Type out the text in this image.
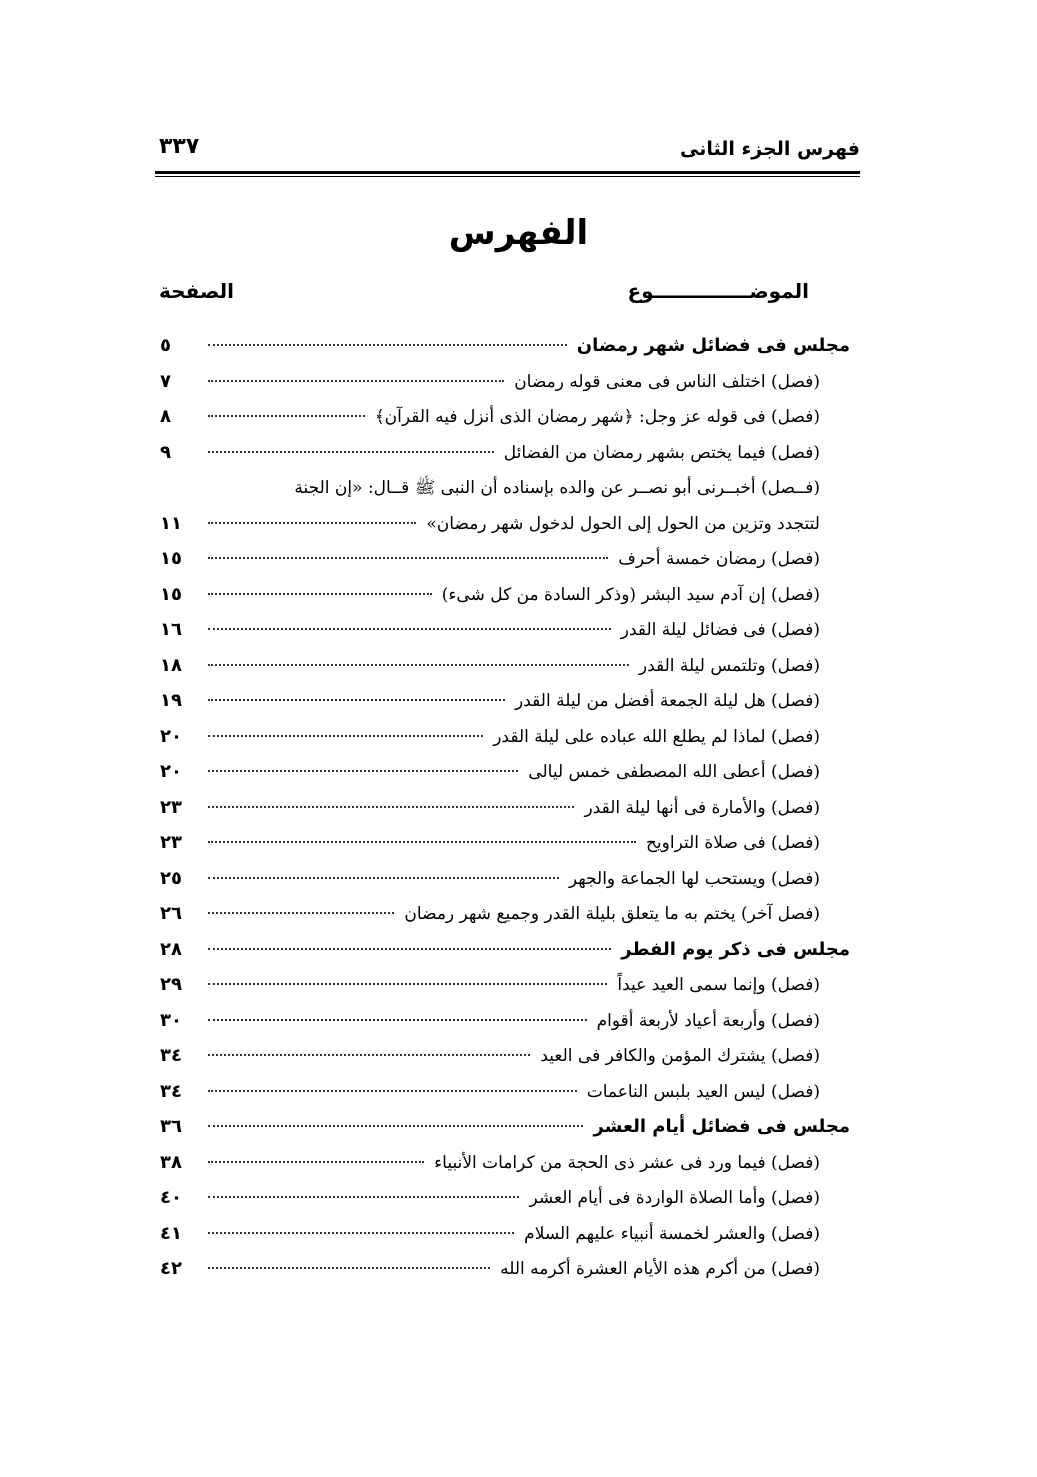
فهرس الجزء الثانى
٣٣٧
الفهرس
الموضــــــــــــــوع
الصفحة
مجلس فى فضائل شهر رمضان
٥
(فصل) اختلف الناس فى معنى قوله رمضان
٧
(فصل) فى قوله عز وجل: ﴿شهر رمضان الذى أنزل فيه القرآن﴾
٨
(فصل) فيما يختص بشهر رمضان من الفضائل
٩
(فــصل) أخبــرنى أبو نصــر عن والده بإسناده أن النبى ﷺ قــال: «إن الجنة
لتتجدد وتزين من الحول إلى الحول لدخول شهر رمضان»
١١
(فصل) رمضان خمسة أحرف
١٥
(فصل) إن آدم سيد البشر (وذكر السادة من كل شىء)
١٥
(فصل) فى فضائل ليلة القدر
١٦
(فصل) وتلتمس ليلة القدر
١٨
(فصل) هل ليلة الجمعة أفضل من ليلة القدر
١٩
(فصل) لماذا لم يطلع الله عباده على ليلة القدر
٢٠
(فصل) أعطى الله المصطفى خمس ليالى
٢٠
(فصل) والأمارة فى أنها ليلة القدر
٢٣
(فصل) فى صلاة التراويح
٢٣
(فصل) ويستحب لها الجماعة والجهر
٢٥
(فصل آخر) يختم به ما يتعلق بليلة القدر وجميع شهر رمضان
٢٦
مجلس فى ذكر يوم الفطر
٢٨
(فصل) وإنما سمى العيد عيداً
٢٩
(فصل) وأربعة أعياد لأربعة أقوام
٣٠
(فصل) يشترك المؤمن والكافر فى العيد
٣٤
(فصل) ليس العيد بلبس الناعمات
٣٤
مجلس فى فضائل أيام العشر
٣٦
(فصل) فيما ورد فى عشر ذى الحجة من كرامات الأنبياء
٣٨
(فصل) وأما الصلاة الواردة فى أيام العشر
٤٠
(فصل) والعشر لخمسة أنبياء عليهم السلام
٤١
(فصل) من أكرم هذه الأيام العشرة أكرمه الله
٤٢
